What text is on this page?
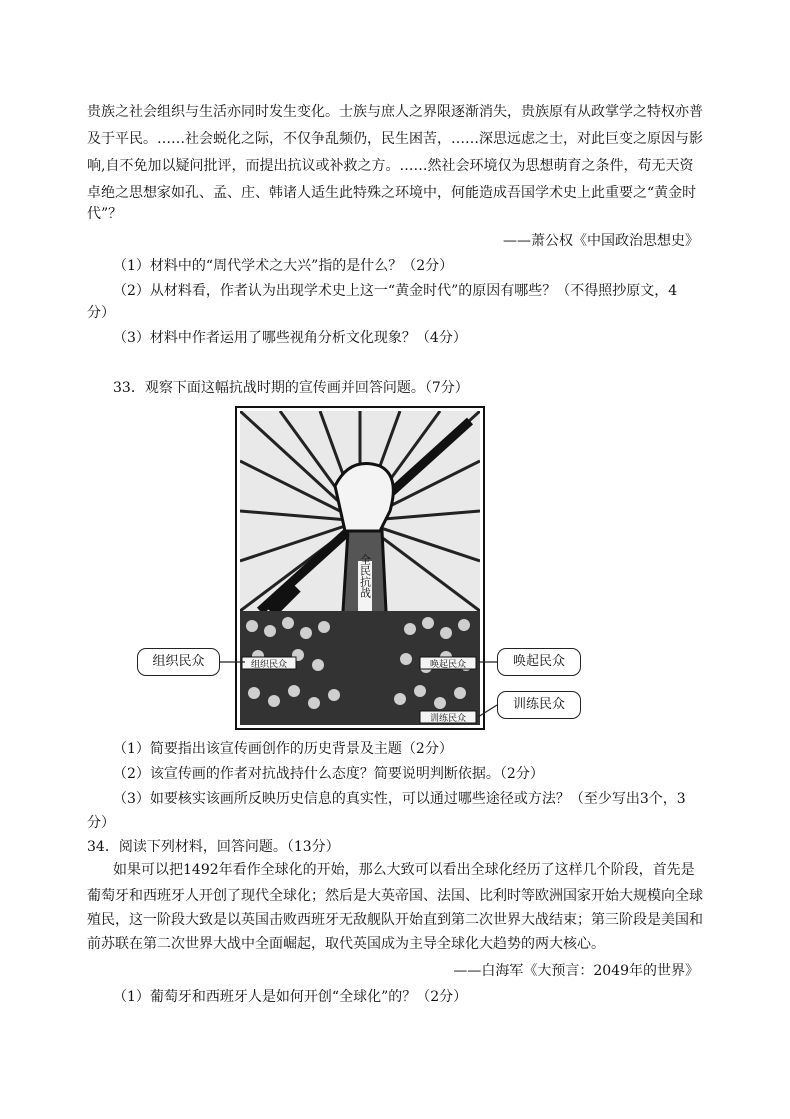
贵族之社会组织与生活亦同时发生变化。士族与庶人之界限逐渐消失，贵族原有从政掌学之特权亦普
及于平民。……社会蜕化之际，不仅争乱频仍，民生困苦，……深思远虑之士，对此巨变之原因与影
响,自不免加以疑问批评，而提出抗议或补救之方。……然社会环境仅为思想萌育之条件，苟无天资
卓绝之思想家如孔、孟、庄、韩诸人适生此特殊之环境中，何能造成吾国学术史上此重要之“黄金时
代”？
——萧公权《中国政治思想史》
（1）材料中的“周代学术之大兴”指的是什么？（2分）
（2）从材料看，作者认为出现学术史上这一“黄金时代”的原因有哪些？（不得照抄原文，4
分）
（3）材料中作者运用了哪些视角分析文化现象？（4分）
33．观察下面这幅抗战时期的宣传画并回答问题。（7分）
组织民众	唤起民众
训练民众
全民抗战
组织民众	唤起民众
训练民众
（1）简要指出该宣传画创作的历史背景及主题（2分）
（2）该宣传画的作者对抗战持什么态度？简要说明判断依据。（2分）
（3）如要核实该画所反映历史信息的真实性，可以通过哪些途径或方法？（至少写出3个，3
分）
34．阅读下列材料，回答问题。（13分）
如果可以把1492年看作全球化的开始，那么大致可以看出全球化经历了这样几个阶段，首先是
葡萄牙和西班牙人开创了现代全球化；然后是大英帝国、法国、比利时等欧洲国家开始大规模向全球
殖民，这一阶段大致是以英国击败西班牙无敌舰队开始直到第二次世界大战结束；第三阶段是美国和
前苏联在第二次世界大战中全面崛起，取代英国成为主导全球化大趋势的两大核心。
——白海军《大预言：2049年的世界》
（1）葡萄牙和西班牙人是如何开创“全球化”的？（2分）
